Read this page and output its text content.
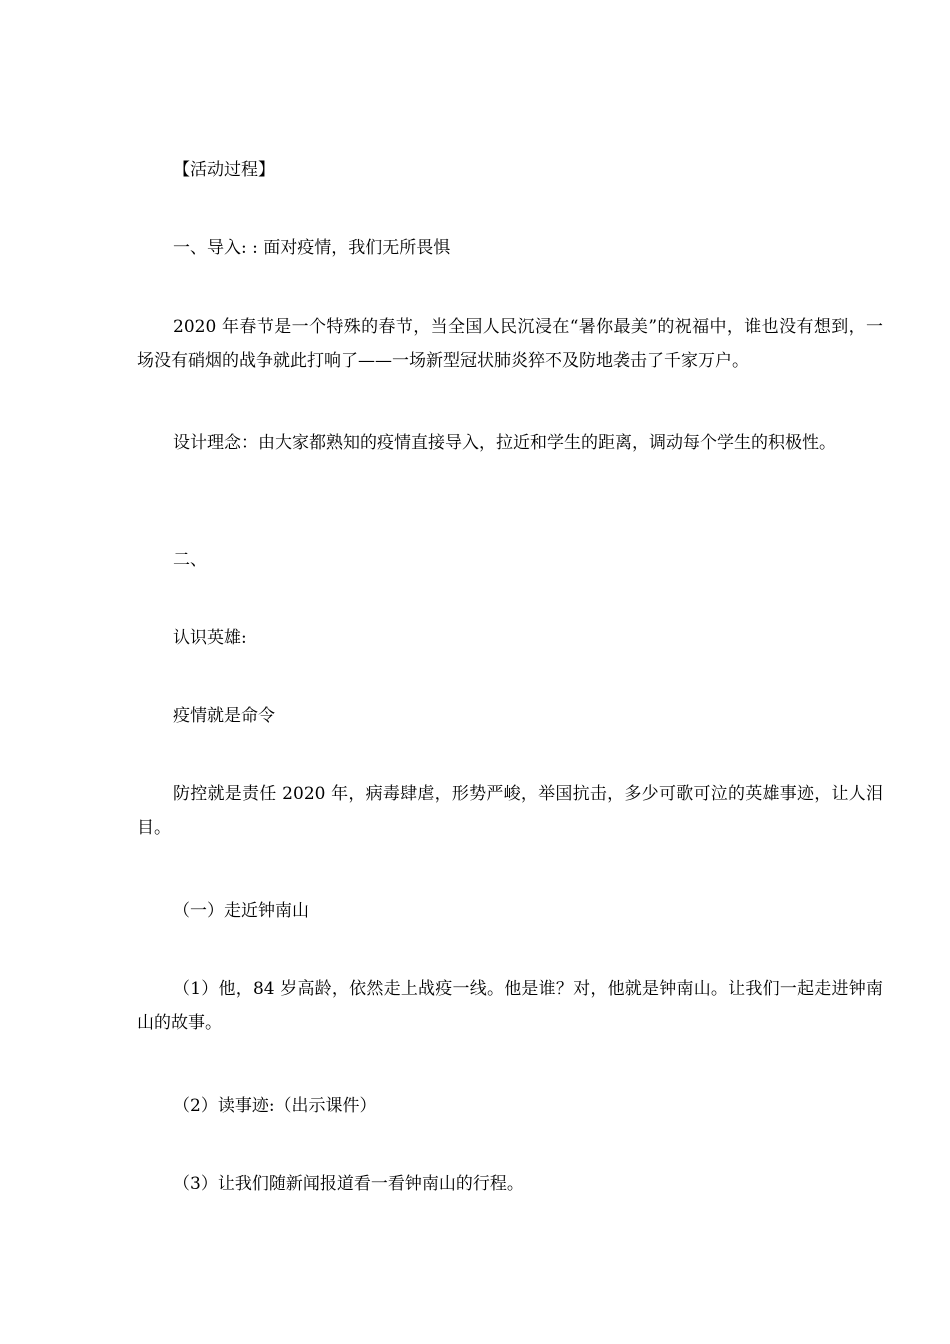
【活动过程】

一、导入: : 面对疫情，我们无所畏惧

2020 年春节是一个特殊的春节，当全国人民沉浸在“暑你最美”的祝福中，谁也没有想到，一场没有硝烟的战争就此打响了——一场新型冠状肺炎猝不及防地袭击了千家万户。

设计理念：由大家都熟知的疫情直接导入，拉近和学生的距离，调动每个学生的积极性。

二、

认识英雄:

疫情就是命令

防控就是责任 2020 年，病毒肆虐，形势严峻，举国抗击，多少可歌可泣的英雄事迹，让人泪目。

（一）走近钟南山

（1）他，84 岁高龄，依然走上战疫一线。他是谁？对，他就是钟南山。让我们一起走进钟南山的故事。

（2）读事迹:（出示课件）

（3）让我们随新闻报道看一看钟南山的行程。
